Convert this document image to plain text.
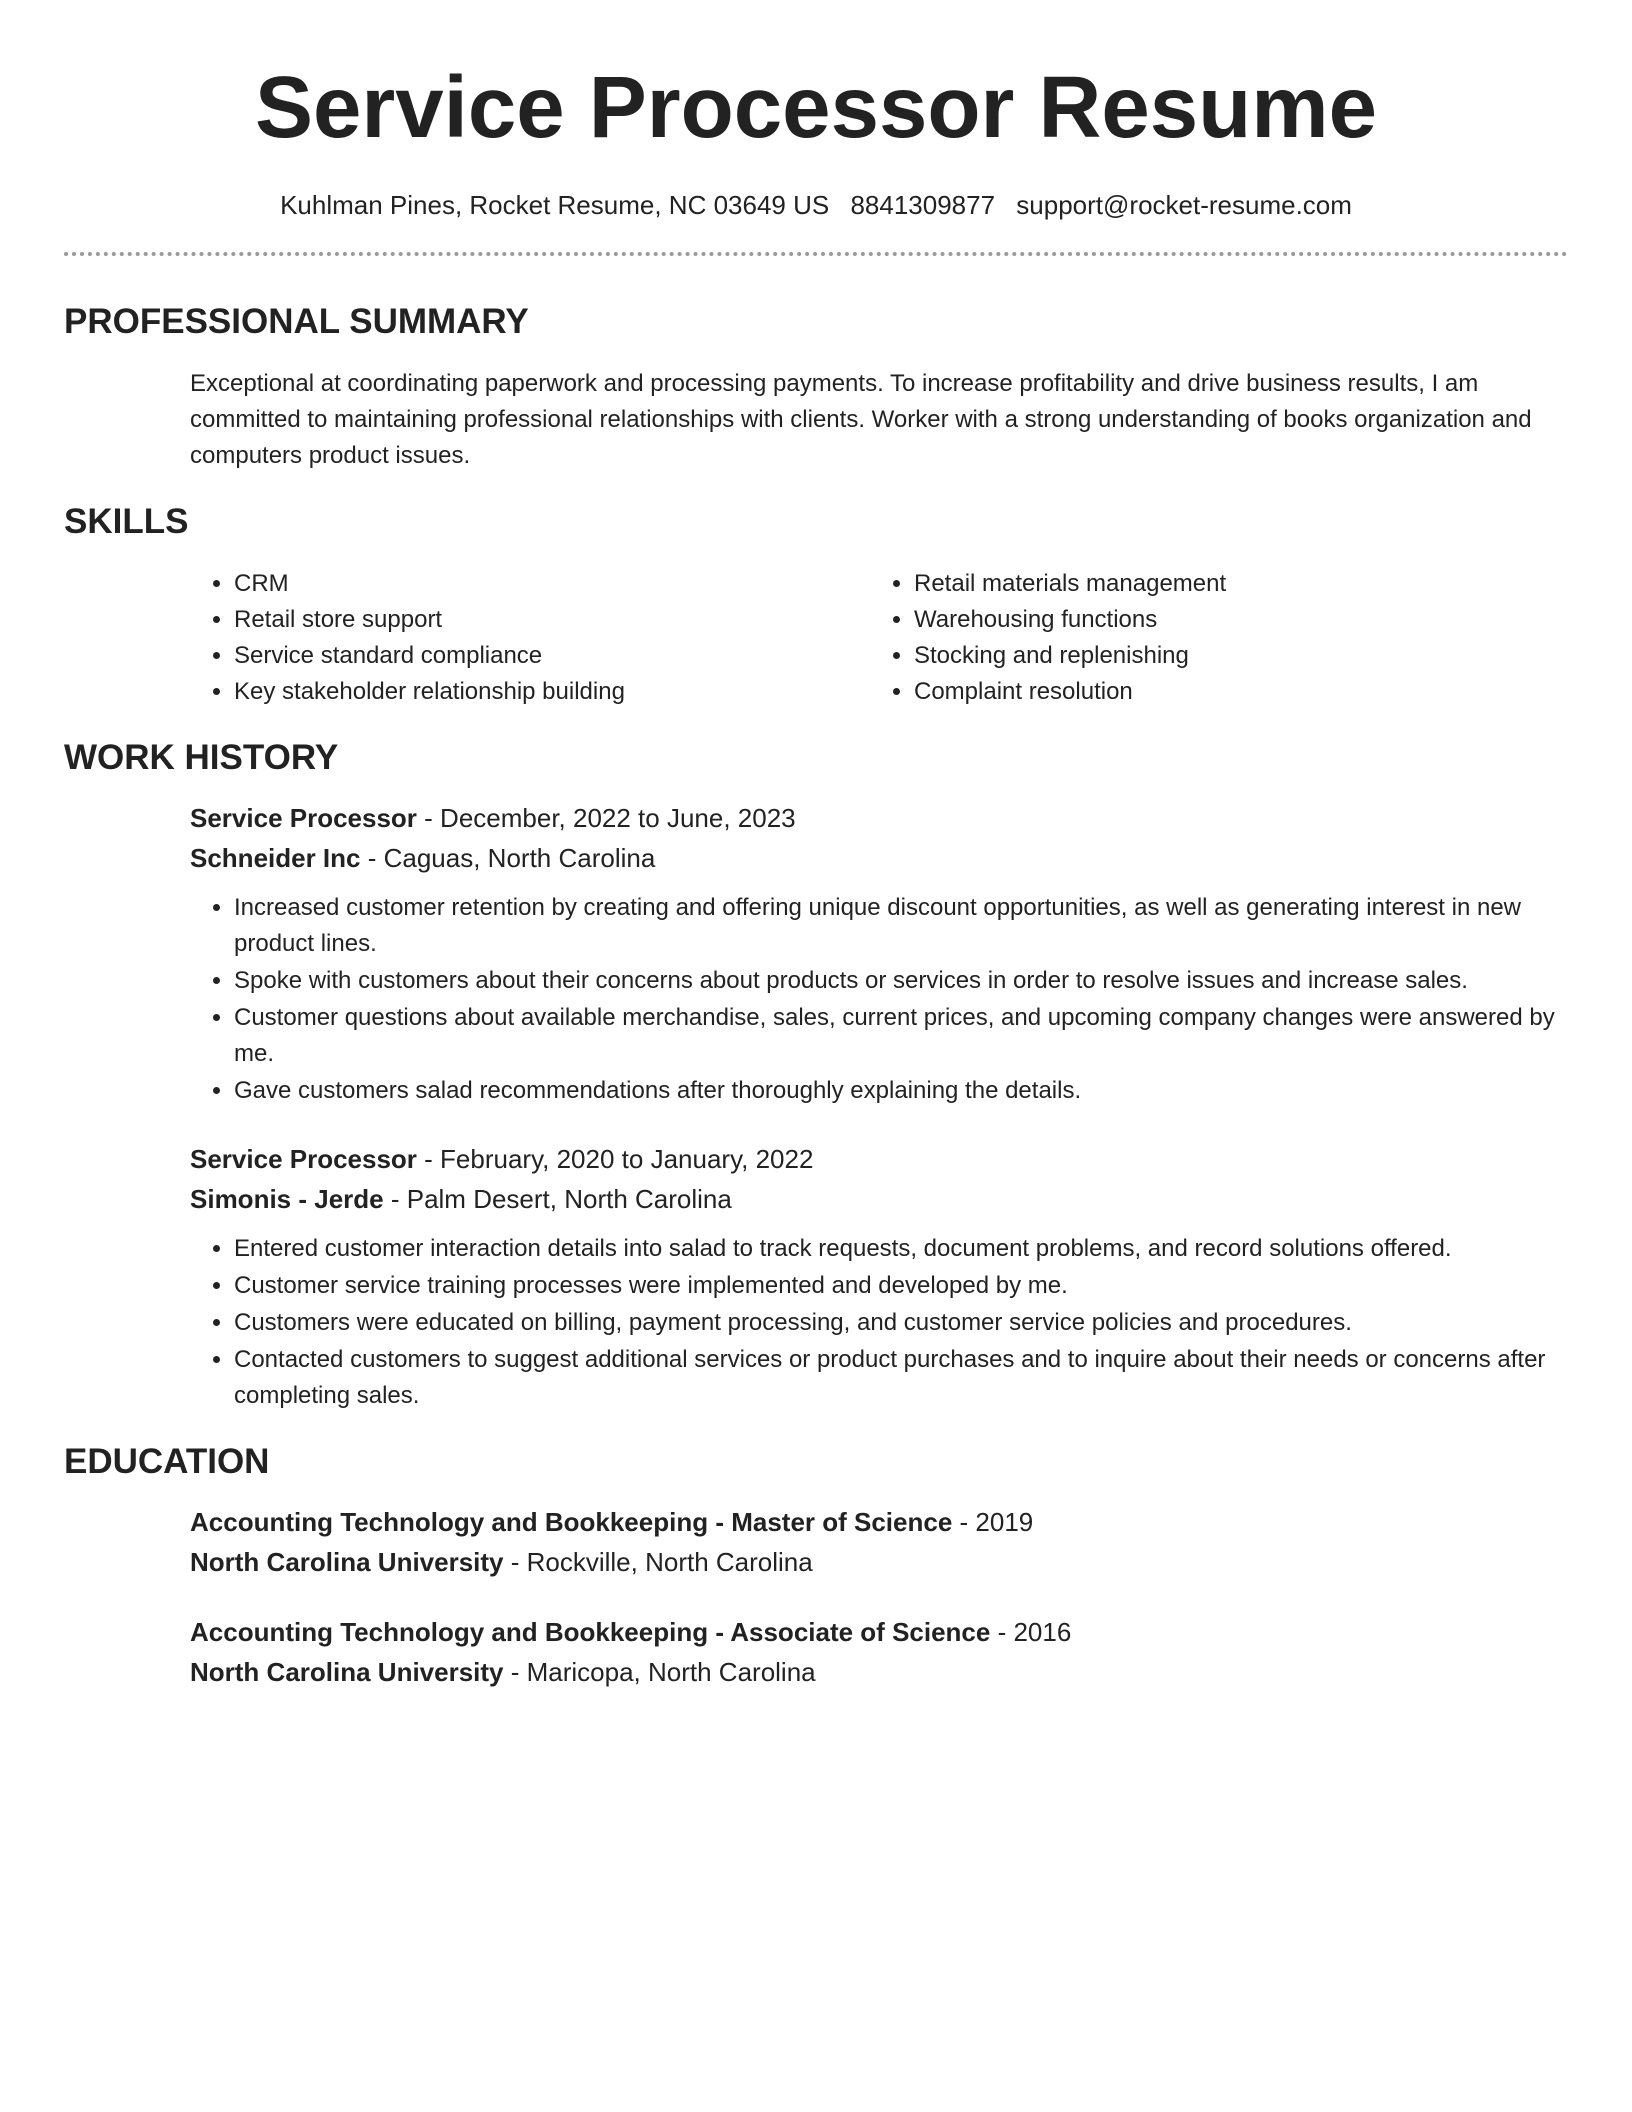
Service Processor Resume
Kuhlman Pines, Rocket Resume, NC 03649 US 8841309877 support@rocket-resume.com
PROFESSIONAL SUMMARY

Exceptional at coordinating paperwork and processing payments. To increase profitability and drive business results, I am committed to maintaining professional relationships with clients. Worker with a strong understanding of books organization and computers product issues.

SKILLS
• CRM
• Retail store support
• Service standard compliance
• Key stakeholder relationship building
• Retail materials management
• Warehousing functions
• Stocking and replenishing
• Complaint resolution
WORK HISTORY
Service Processor - December, 2022 to June, 2023
Schneider Inc - Caguas, North Carolina
• Increased customer retention by creating and offering unique discount opportunities, as well as generating interest in new product lines.
• Spoke with customers about their concerns about products or services in order to resolve issues and increase sales.
• Customer questions about available merchandise, sales, current prices, and upcoming company changes were answered by me.
• Gave customers salad recommendations after thoroughly explaining the details.
Service Processor - February, 2020 to January, 2022
Simonis - Jerde - Palm Desert, North Carolina
• Entered customer interaction details into salad to track requests, document problems, and record solutions offered.
• Customer service training processes were implemented and developed by me.
• Customers were educated on billing, payment processing, and customer service policies and procedures.
• Contacted customers to suggest additional services or product purchases and to inquire about their needs or concerns after completing sales.
EDUCATION
Accounting Technology and Bookkeeping - Master of Science - 2019
North Carolina University - Rockville, North Carolina
Accounting Technology and Bookkeeping - Associate of Science - 2016
North Carolina University - Maricopa, North Carolina
